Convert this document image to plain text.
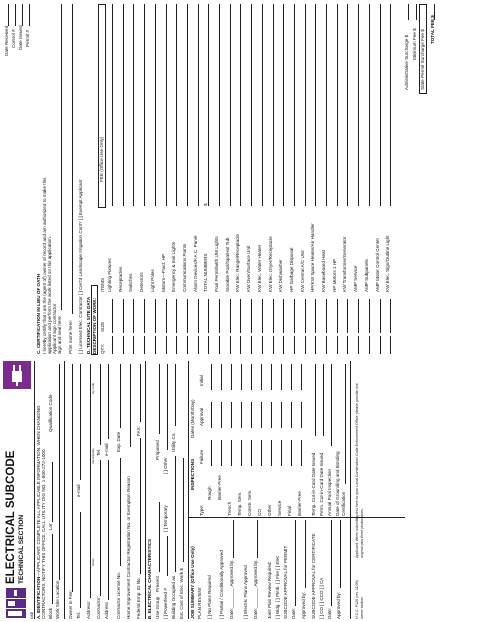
USE
ELECTRICAL SUBCODE TECHNICAL SECTION
Date Received Control # Date Issued Permit #
A. IDENTIFICATION—APPLICANT: COMPLETE ALL APPLICABLE INFORMATION. WHEN CHANGING CONTRACTORS, NOTIFY THIS OFFICE. CALL UTILITY DIG NO. 1-800-272-1000. Block
Lot
Qualification Code
Work Site Location Owner in Fee: Tel.
e-mail
Address:
street
municipality
zip code
Contractor:
Tel.
Address
e-mail
Contractor License No.
Exp. Date
Home Improvement Contractor Registration No. or Exemption Reason Federal Emp. ID No.
FAX:
B. ELECTRICAL CHARACTERISTICS Use Group
Present
Proposed
[ ] Powerfeed #
[ ] Temporary
[ ] Other
Building Occupied as
Utility Co.
Est. Cost of Elec. Work $ JOB SUMMARY (Office Use Only) PLAN REVIEW [ ] No Plans Required [ ] Partial / Conditionally Approved Date:________ Approved by: [ ] Electric Plans Approved Date:________ Approved by: Joint Plan Review Required: [ ] Bldg. [ ] Plmb. [ ] Fire [ ] Elec SUBCODE APPROVAL for PERMIT Date: Approved by: SUBCODE APPROVAL for CERTIFICATE [ ] CO [ ] CCO [ ] CA Date: Approved by:
INSPECTIONS
Dates (Month/Day)
Type:
Failure
Approval
Initial
Rough Barrier-Free
Trench Temp. Serv. Constr. Serv. CO Other Service Final Barrier-Free Temp. Cut-in-Card Date Issued Perm. Cut-in-Card Date Issued Annual Pool Inspection Date of Grounding and Bonding Certification
U.C.C. F120 (rev. 11/09) owner section
Applicant: When submitting this form to your Local Construction Code Enforcement Office, please provide one original plus three photocopies.
C. CERTIFICATION IN LIEU OF OATH I hereby certify that I am the (agent of) owner of record and am authorized to make this application and perform the work listed on this application. Applicant sign contractor sign and seal here: Print name here: [ ] Licensed Elec. Contractor [ ] Cert'd Landscape Irrigation Cont'r [ ] Exempt Applicant D. TECHNICAL SITE DATA DESCRIPTION OF WORK: QTY.
SIZE
ITEMS
FEE (Office Use Only)
Lighting Fixtures Receptacles Switches Detectors Light Poles Motors—Fract. HP Emergency & Exit Lights Communications Points Alarm Devices/F.A.C. Panel TOTAL NUMBERS
$
Pool Permit/with UW Lights Storable Pool/Spa/Hot Tub KW Elec. Range/Receptacle KW Oven/Surface Unit KW Elec. Water Heater KW Elec. Dryer/Receptacle KW Dishwasher HP Garbage Disposal KW Central A/C Unit HP/KW Space Heater/Air Handler KW Baseboard Heat HP Motors 1 HP KW Transformer/Generator AMP Service AMP Subpanels AMP Motor Control Center KW Elec. Sign/Outline Light
Administrative Surcharge $ Minimum Fee $ State Permit Surcharge Fee $ TOTAL FEE $
